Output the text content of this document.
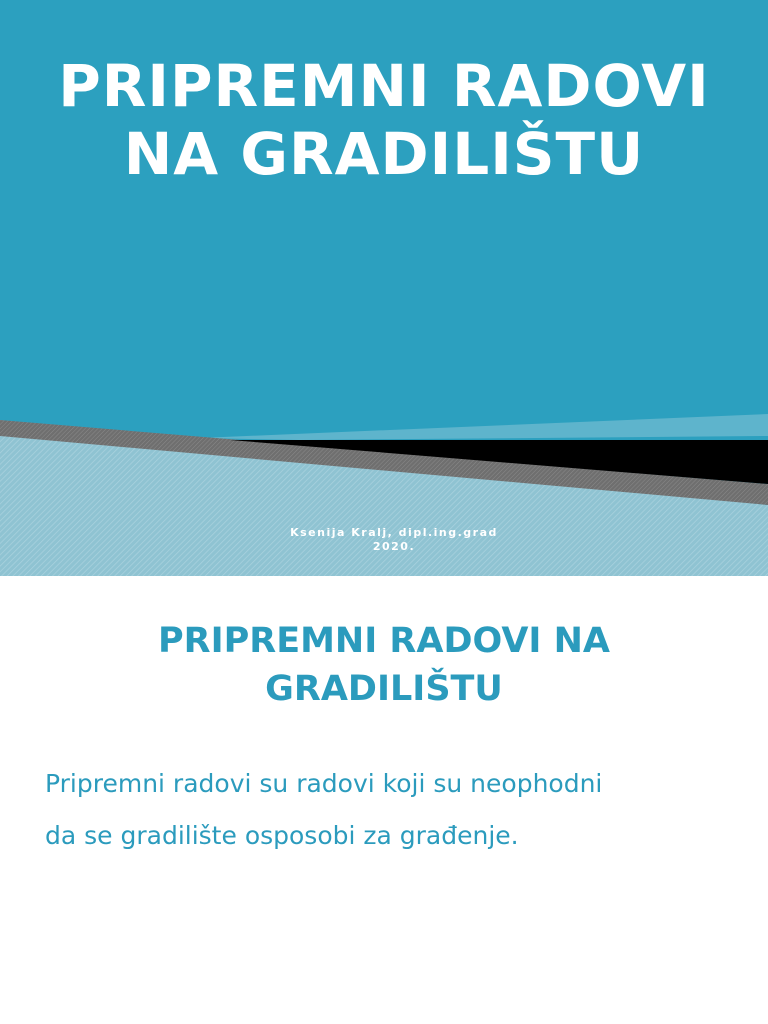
PRIPREMNI RADOVI
NA GRADILIŠTU
Ksenija Kralj, dipl.ing.grad
2020.
PRIPREMNI RADOVI NA
GRADILIŠTU

Pripremni radovi su radovi koji su neophodni
da se gradilište osposobi za građenje.
